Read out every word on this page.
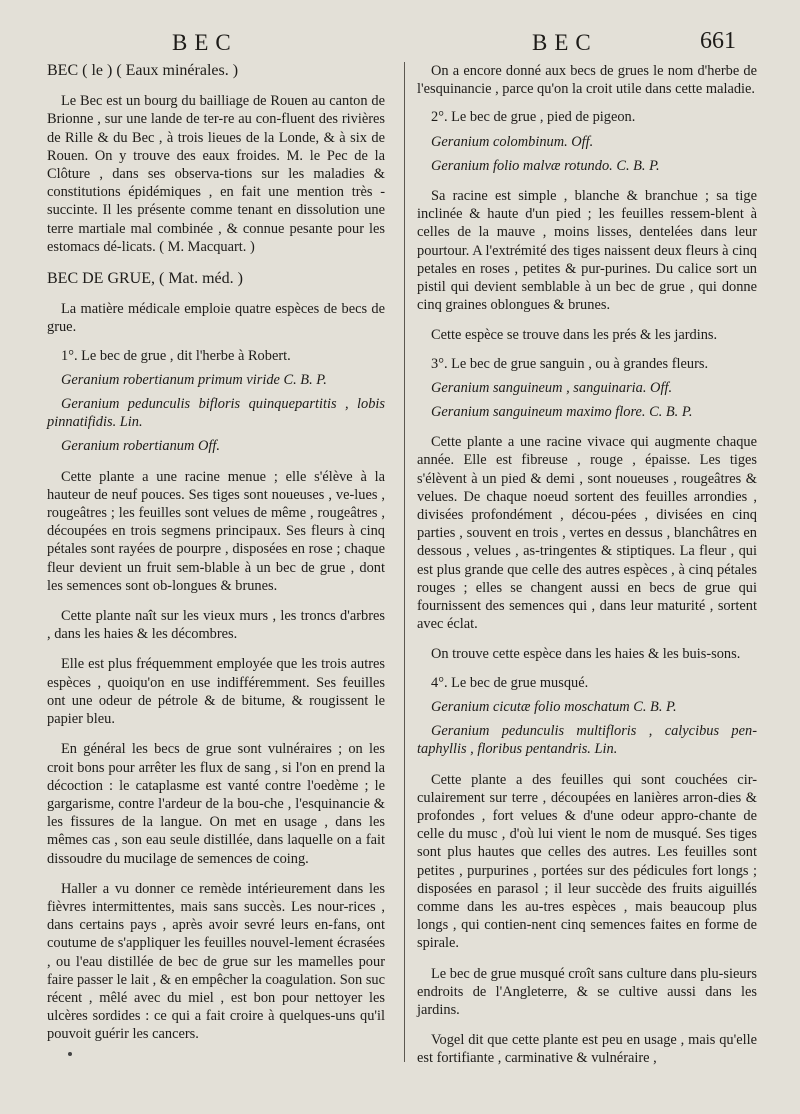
BEC	BEC	661

BEC ( le ) ( Eaux minérales. )

Le Bec est un bourg du bailliage de Rouen au canton de Brionne , sur une lande de ter-re au con-fluent des rivières de Rille & du Bec , à trois lieues de la Londe, & à six de Rouen. On y trouve des eaux froides. M. le Pec de la Clôture , dans ses observa-tions sur les maladies & constitutions épidémiques , en fait une mention très - succinte. Il les présente comme tenant en dissolution une terre martiale mal combinée , & connue pesante pour les estomacs dé-licats. ( M. Macquart. )

BEC DE GRUE, ( Mat. méd. )

La matière médicale emploie quatre espèces de becs de grue.

1°. Le bec de grue , dit l'herbe à Robert.

Geranium robertianum primum viride C. B. P.

Geranium pedunculis bifloris quinquepartitis , lobis pinnatifidis. Lin.

Geranium robertianum Off.

Cette plante a une racine menue ; elle s'élève à la hauteur de neuf pouces. Ses tiges sont noueuses , ve-lues , rougeâtres ; les feuilles sont velues de même , rougeâtres , découpées en trois segmens principaux. Ses fleurs à cinq pétales sont rayées de pourpre , disposées en rose ; chaque fleur devient un fruit sem-blable à un bec de grue , dont les semences sont ob-longues & brunes.

Cette plante naît sur les vieux murs , les troncs d'arbres , dans les haies & les décombres.

Elle est plus fréquemment employée que les trois autres espèces , quoiqu'on en use indifféremment. Ses feuilles ont une odeur de pétrole & de bitume, & rougissent le papier bleu.

En général les becs de grue sont vulnéraires ; on les croit bons pour arrêter les flux de sang , si l'on en prend la décoction : le cataplasme est vanté contre l'oedème ; le gargarisme, contre l'ardeur de la bou-che , l'esquinancie & les fissures de la langue. On met en usage , dans les mêmes cas , son eau seule distillée, dans laquelle on a fait dissoudre du mucilage de semences de coing.

Haller a vu donner ce remède intérieurement dans les fièvres intermittentes, mais sans succès. Les nour-rices , dans certains pays , après avoir sevré leurs en-fans, ont coutume de s'appliquer les feuilles nouvel-lement écrasées , ou l'eau distillée de bec de grue sur les mamelles pour faire passer le lait , & en empêcher la coagulation. Son suc récent , mêlé avec du miel , est bon pour nettoyer les ulcères sordides : ce qui a fait croire à quelques-uns qu'il pouvoit guérir les cancers.

On a encore donné aux becs de grues le nom d'herbe de l'esquinancie , parce qu'on la croit utile dans cette maladie.

2°. Le bec de grue , pied de pigeon.

Geranium colombinum. Off.

Geranium folio malvæ rotundo. C. B. P.

Sa racine est simple , blanche & branchue ; sa tige inclinée & haute d'un pied ; les feuilles ressem-blent à celles de la mauve , moins lisses, dentelées dans leur pourtour. A l'extrémité des tiges naissent deux fleurs à cinq petales en roses , petites & pur-purines. Du calice sort un pistil qui devient semblable à un bec de grue , qui donne cinq graines oblongues & brunes.

Cette espèce se trouve dans les prés & les jardins.

3°. Le bec de grue sanguin , ou à grandes fleurs.

Geranium sanguineum , sanguinaria. Off.

Geranium sanguineum maximo flore. C. B. P.

Cette plante a une racine vivace qui augmente chaque année. Elle est fibreuse , rouge , épaisse. Les tiges s'élèvent à un pied & demi , sont noueuses , rougeâtres & velues. De chaque noeud sortent des feuilles arrondies , divisées profondément , décou-pées , divisées en cinq parties , souvent en trois , vertes en dessus , blanchâtres en dessous , velues , as-tringentes & stiptiques. La fleur , qui est plus grande que celle des autres espèces , à cinq pétales rouges ; elles se changent aussi en becs de grue qui fournissent des semences qui , dans leur maturité , sortent avec éclat.

On trouve cette espèce dans les haies & les buis-sons.

4°. Le bec de grue musqué.

Geranium cicutæ folio moschatum C. B. P.

Geranium pedunculis multifloris , calycibus pen-taphyllis , floribus pentandris. Lin.

Cette plante a des feuilles qui sont couchées cir-culairement sur terre , découpées en lanières arron-dies & profondes , fort velues & d'une odeur appro-chante de celle du musc , d'où lui vient le nom de musqué. Ses tiges sont plus hautes que celles des autres. Les feuilles sont petites , purpurines , portées sur des pédicules fort longs ; disposées en parasol ; il leur succède des fruits aiguillés comme dans les au-tres espèces , mais beaucoup plus longs , qui contien-nent cinq semences faites en forme de spirale.

Le bec de grue musqué croît sans culture dans plu-sieurs endroits de l'Angleterre, & se cultive aussi dans les jardins.

Vogel dit que cette plante est peu en usage , mais qu'elle est fortifiante , carminative & vulnéraire ,
